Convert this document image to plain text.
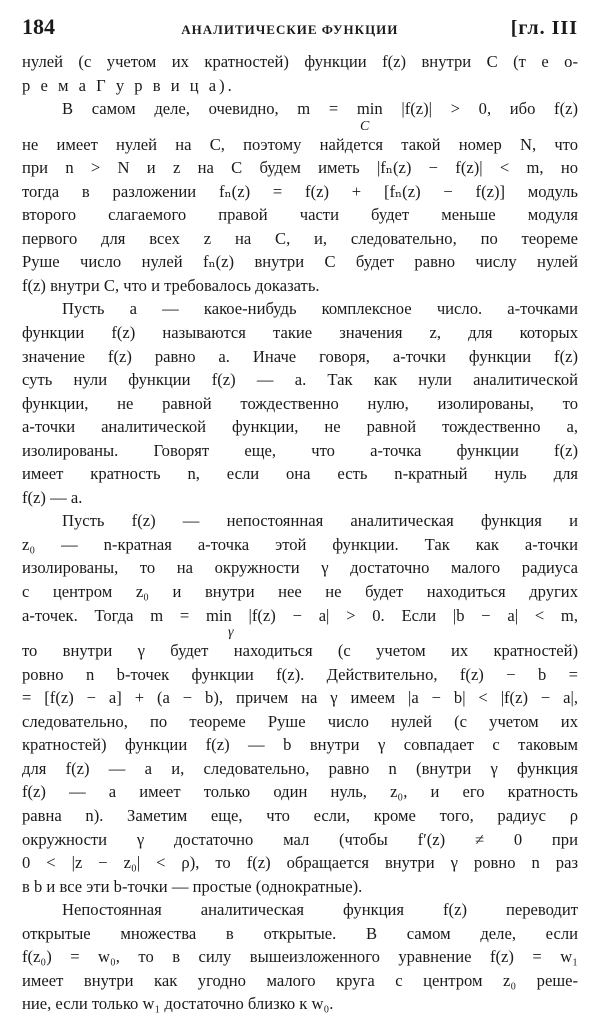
184	АНАЛИТИЧЕСКИЕ ФУНКЦИИ	[гл. III
нулей (с учетом их кратностей) функции f(z) внутри C (т е о-
р е м а Г у р в и ц а).
В самом деле, очевидно, m = min |f(z)| > 0, ибо f(z)
C
не имеет нулей на C, поэтому найдется такой номер N, что
при n > N и z на C будем иметь |fₙ(z) − f(z)| < m, но
тогда в разложении fₙ(z) = f(z) + [fₙ(z) − f(z)] модуль
второго слагаемого правой части будет меньше модуля
первого для всех z на C, и, следовательно, по теореме
Руше число нулей fₙ(z) внутри C будет равно числу нулей
f(z) внутри C, что и требовалось доказать.
Пусть a — какое-нибудь комплексное число. a-точками
функции f(z) называются такие значения z, для которых
значение f(z) равно a. Иначе говоря, a-точки функции f(z)
суть нули функции f(z) — a. Так как нули аналитической
функции, не равной тождественно нулю, изолированы, то
a-точки аналитической функции, не равной тождественно a,
изолированы. Говорят еще, что a-точка функции f(z)
имеет кратность n, если она есть n-кратный нуль для
f(z) — a.
Пусть f(z) — непостоянная аналитическая функция и
z₀ — n-кратная a-точка этой функции. Так как a-точки
изолированы, то на окружности γ достаточно малого радиуса
с центром z₀ и внутри нее не будет находиться других
a-точек. Тогда m = min |f(z) − a| > 0. Если |b − a| < m,
γ
то внутри γ будет находиться (с учетом их кратностей)
ровно n b-точек функции f(z). Действительно, f(z) − b =
= [f(z) − a] + (a − b), причем на γ имеем |a − b| < |f(z) − a|,
следовательно, по теореме Руше число нулей (с учетом их
кратностей) функции f(z) — b внутри γ совпадает с таковым
для f(z) — a и, следовательно, равно n (внутри γ функция
f(z) — a имеет только один нуль, z₀, и его кратность
равна n). Заметим еще, что если, кроме того, радиус ρ
окружности γ достаточно мал (чтобы f′(z) ≠ 0 при
0 < |z − z₀| < ρ), то f(z) обращается внутри γ ровно n раз
в b и все эти b-точки — простые (однократные).
Непостоянная аналитическая функция f(z) переводит
открытые множества в открытые. В самом деле, если
f(z₀) = w₀, то в силу вышеизложенного уравнение f(z) = w₁
имеет внутри как угодно малого круга с центром z₀ реше-
ние, если только w₁ достаточно близко к w₀.
